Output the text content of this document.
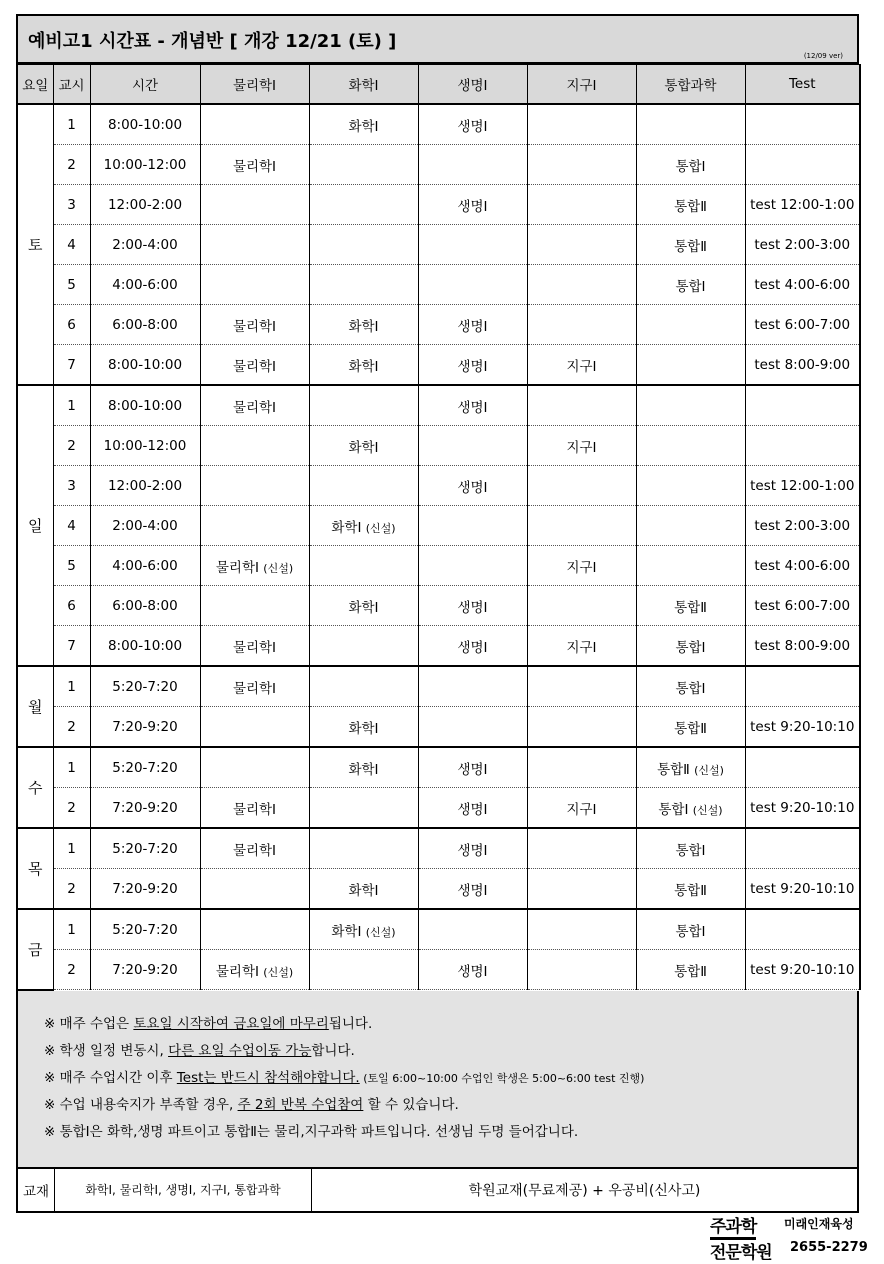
예비고1 시간표 - 개념반 [ 개강 12/21 (토) ]
(12/09 ver)
요일	교시	시간	물리학Ⅰ	화학Ⅰ	생명Ⅰ	지구Ⅰ	통합과학	Test
토	1	8:00-10:00		화학Ⅰ	생명Ⅰ			
	2	10:00-12:00	물리학Ⅰ				통합Ⅰ	
	3	12:00-2:00			생명Ⅰ		통합Ⅱ	test 12:00-1:00
	4	2:00-4:00					통합Ⅱ	test 2:00-3:00
	5	4:00-6:00					통합Ⅰ	test 4:00-6:00
	6	6:00-8:00	물리학Ⅰ	화학Ⅰ	생명Ⅰ			test 6:00-7:00
	7	8:00-10:00	물리학Ⅰ	화학Ⅰ	생명Ⅰ	지구Ⅰ		test 8:00-9:00
일	1	8:00-10:00	물리학Ⅰ		생명Ⅰ			
	2	10:00-12:00		화학Ⅰ		지구Ⅰ		
	3	12:00-2:00			생명Ⅰ			test 12:00-1:00
	4	2:00-4:00		화학Ⅰ (신설)				test 2:00-3:00
	5	4:00-6:00	물리학Ⅰ (신설)			지구Ⅰ		test 4:00-6:00
	6	6:00-8:00		화학Ⅰ	생명Ⅰ		통합Ⅱ	test 6:00-7:00
	7	8:00-10:00	물리학Ⅰ		생명Ⅰ	지구Ⅰ	통합Ⅰ	test 8:00-9:00
월	1	5:20-7:20	물리학Ⅰ				통합Ⅰ	
	2	7:20-9:20		화학Ⅰ			통합Ⅱ	test 9:20-10:10
수	1	5:20-7:20		화학Ⅰ	생명Ⅰ		통합Ⅱ (신설)	
	2	7:20-9:20	물리학Ⅰ		생명Ⅰ	지구Ⅰ	통합Ⅰ (신설)	test 9:20-10:10
목	1	5:20-7:20	물리학Ⅰ		생명Ⅰ		통합Ⅰ	
	2	7:20-9:20		화학Ⅰ	생명Ⅰ		통합Ⅱ	test 9:20-10:10
금	1	5:20-7:20		화학Ⅰ (신설)			통합Ⅰ	
	2	7:20-9:20	물리학Ⅰ (신설)		생명Ⅰ		통합Ⅱ	test 9:20-10:10
※ 매주 수업은 토요일 시작하여 금요일에 마무리됩니다.
※ 학생 일정 변동시, 다른 요일 수업이동 가능합니다.
※ 매주 수업시간 이후 Test는 반드시 참석해야합니다. (토일 6:00~10:00 수업인 학생은 5:00~6:00 test 진행)
※ 수업 내용숙지가 부족할 경우, 주 2회 반복 수업참여 할 수 있습니다.
※ 통합Ⅰ은 화학,생명 파트이고 통합Ⅱ는 물리,지구과학 파트입니다. 선생님 두명 들어갑니다.
교재	화학Ⅰ, 물리학Ⅰ, 생명Ⅰ, 지구Ⅰ, 통합과학	학원교재(무료제공) + 우공비(신사고)
주과학 미래인재육성
전문학원 2655-2279
